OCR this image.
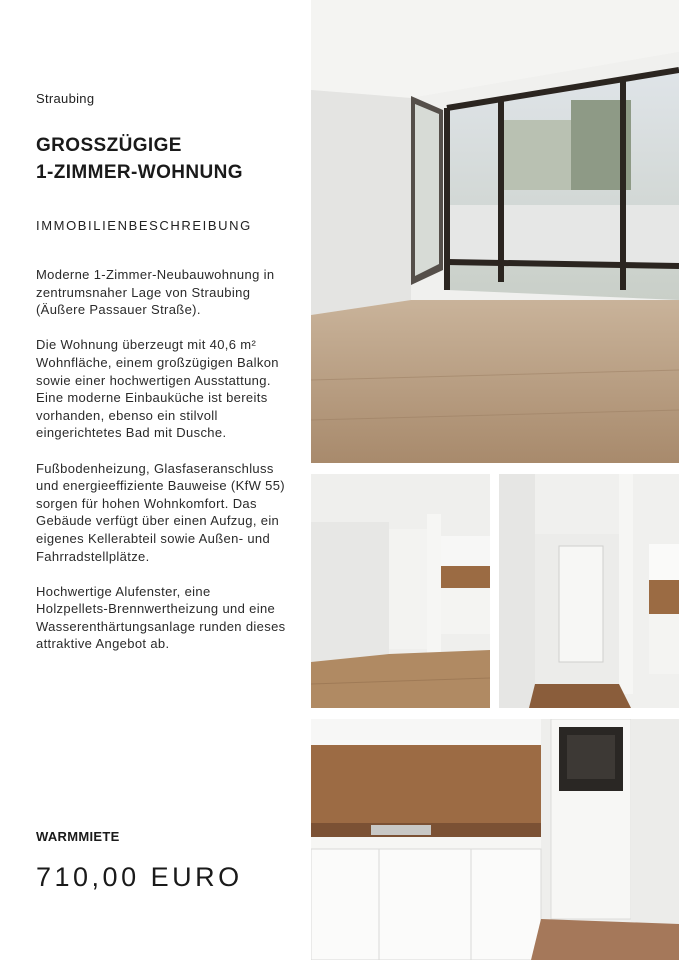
Straubing
GROSSZÜGIGE
1-ZIMMER-WOHNUNG
IMMOBILIENBESCHREIBUNG

Moderne 1-Zimmer-Neubauwohnung in zentrumsnaher Lage von Straubing (Äußere Passauer Straße).

Die Wohnung überzeugt mit 40,6 m² Wohnfläche, einem großzügigen Balkon sowie einer hochwertigen Ausstattung. Eine moderne Einbauküche ist bereits vorhanden, ebenso ein stilvoll eingerichtetes Bad mit Dusche.

Fußbodenheizung, Glasfaseranschluss und energieeffiziente Bauweise (KfW 55) sorgen für hohen Wohnkomfort. Das Gebäude verfügt über einen Aufzug, ein eigenes Kellerabteil sowie Außen- und Fahrradstellplätze.

Hochwertige Alufenster, eine Holzpellets-Brennwertheizung und eine Wasserenthärtungsanlage runden dieses attraktive Angebot ab.

WARMMIETE
710,00 EURO
